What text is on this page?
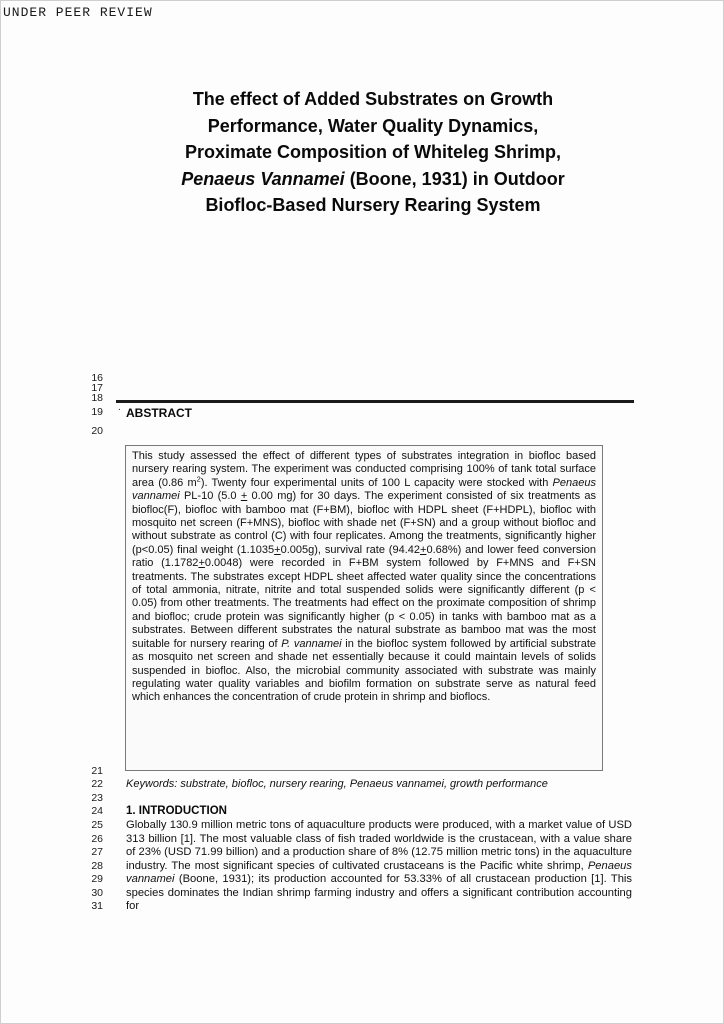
UNDER PEER REVIEW
The effect of Added Substrates on Growth
Performance, Water Quality Dynamics,
Proximate Composition of Whiteleg Shrimp,
Penaeus Vannamei (Boone, 1931) in Outdoor
Biofloc-Based Nursery Rearing System
16
17
18
19
20
21
22
23
24
25
26
27
28
29
30
31
. ABSTRACT

This study assessed the effect of different types of substrates integration in biofloc based nursery rearing system. The experiment was conducted comprising 100% of tank total surface area (0.86 $m^2$). Twenty four experimental units of 100 L capacity were stocked with Penaeus vannamei PL-10 (5.0 + 0.00 mg) for 30 days. The experiment consisted of six treatments as biofloc(F), biofloc with bamboo mat (F+BM), biofloc with HDPL sheet (F+HDPL), biofloc with mosquito net screen (F+MNS), biofloc with shade net (F+SN) and a group without biofloc and without substrate as control (C) with four replicates. Among the treatments, significantly higher (p<0.05) final weight (1.1035+0.005g), survival rate (94.42+0.68%) and lower feed conversion ratio (1.1782+0.0048) were recorded in F+BM system followed by F+MNS and F+SN treatments. The substrates except HDPL sheet affected water quality since the concentrations of total ammonia, nitrate, nitrite and total suspended solids were significantly different (p < 0.05) from other treatments. The treatments had effect on the proximate composition of shrimp and biofloc; crude protein was significantly higher (p < 0.05) in tanks with bamboo mat as a substrates. Between different substrates the natural substrate as bamboo mat was the most suitable for nursery rearing of P. vannamei in the biofloc system followed by artificial substrate as mosquito net screen and shade net essentially because it could maintain levels of solids suspended in biofloc. Also, the microbial community associated with substrate was mainly regulating water quality variables and biofilm formation on substrate serve as natural feed which enhances the concentration of crude protein in shrimp and bioflocs.

Keywords: substrate, biofloc, nursery rearing, Penaeus vannamei, growth performance
1. INTRODUCTION

Globally 130.9 million metric tons of aquaculture products were produced, with a market value of USD 313 billion [1]. The most valuable class of fish traded worldwide is the crustacean, with a value share of 23% (USD 71.99 billion) and a production share of 8% (12.75 million metric tons) in the aquaculture industry. The most significant species of cultivated crustaceans is the Pacific white shrimp, Penaeus vannamei (Boone, 1931); its production accounted for 53.33% of all crustacean production [1]. This species dominates the Indian shrimp farming industry and offers a significant contribution accounting for
